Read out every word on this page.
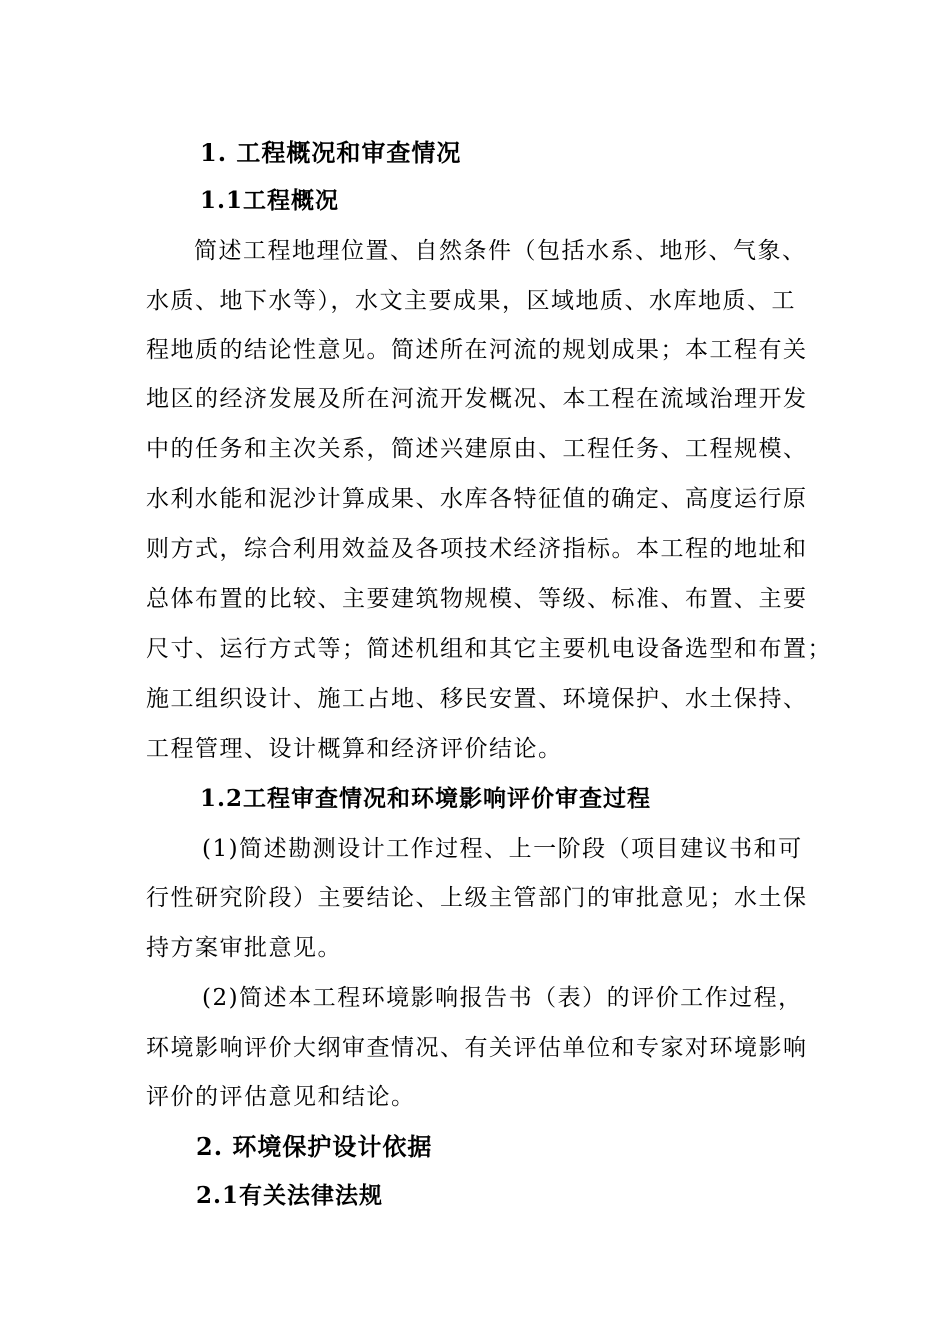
1. 工程概况和审查情况
1.1工程概况
简述工程地理位置、自然条件（包括水系、地形、气象、
水质、地下水等），水文主要成果，区域地质、水库地质、工
程地质的结论性意见。简述所在河流的规划成果；本工程有关
地区的经济发展及所在河流开发概况、本工程在流域治理开发
中的任务和主次关系，简述兴建原由、工程任务、工程规模、
水利水能和泥沙计算成果、水库各特征值的确定、高度运行原
则方式，综合利用效益及各项技术经济指标。本工程的地址和
总体布置的比较、主要建筑物规模、等级、标准、布置、主要
尺寸、运行方式等；简述机组和其它主要机电设备选型和布置；
施工组织设计、施工占地、移民安置、环境保护、水土保持、
工程管理、设计概算和经济评价结论。
1.2工程审查情况和环境影响评价审查过程
(1)简述勘测设计工作过程、上一阶段（项目建议书和可
行性研究阶段）主要结论、上级主管部门的审批意见；水土保
持方案审批意见。
(2)简述本工程环境影响报告书（表）的评价工作过程，
环境影响评价大纲审查情况、有关评估单位和专家对环境影响
评价的评估意见和结论。
2. 环境保护设计依据
2.1有关法律法规
